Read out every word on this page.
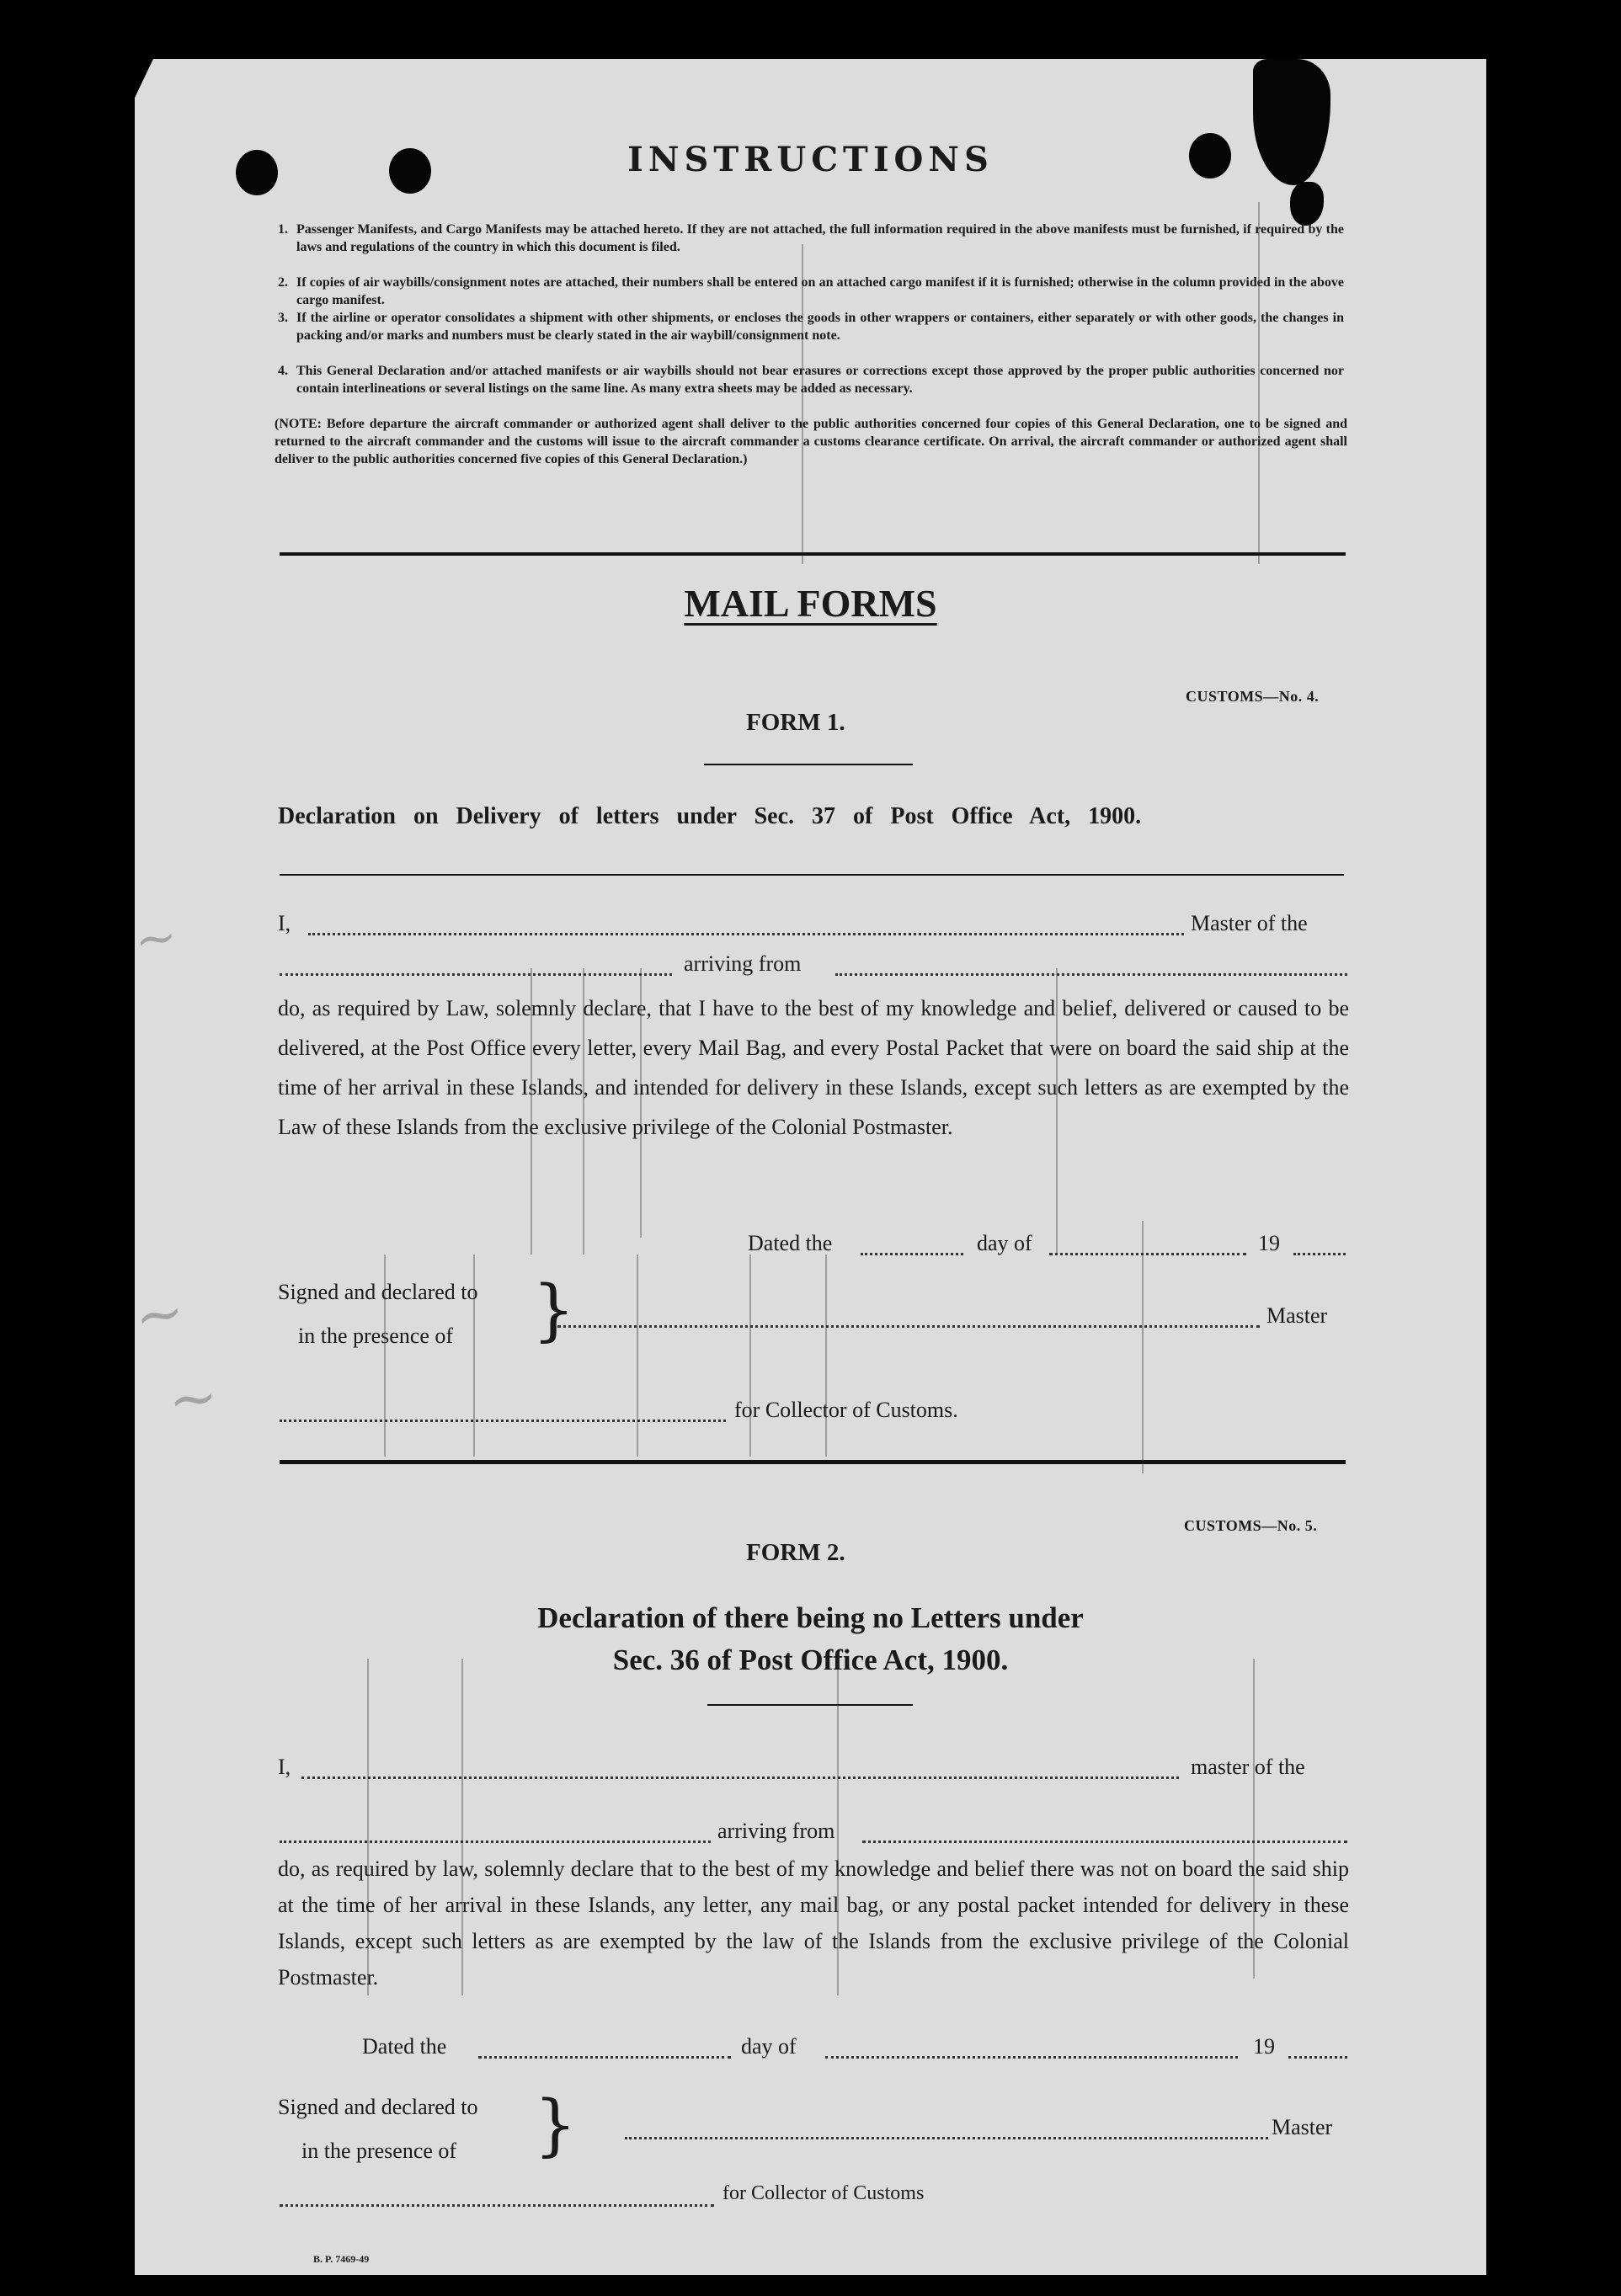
INSTRUCTIONS
1. Passenger Manifests, and Cargo Manifests may be attached hereto. If they are not attached, the full information required in the above manifests must be furnished, if required by the laws and regulations of the country in which this document is filed.
2. If copies of air waybills/consignment notes are attached, their numbers shall be entered on an attached cargo manifest if it is furnished; otherwise in the column provided in the above cargo manifest.
3. If the airline or operator consolidates a shipment with other shipments, or encloses the goods in other wrappers or containers, either separately or with other goods, the changes in packing and/or marks and numbers must be clearly stated in the air waybill/consignment note.
4. This General Declaration and/or attached manifests or air waybills should not bear erasures or corrections except those approved by the proper public authorities concerned nor contain interlineations or several listings on the same line. As many extra sheets may be added as necessary.
(NOTE: Before departure the aircraft commander or authorized agent shall deliver to the public authorities concerned four copies of this General Declaration, one to be signed and returned to the aircraft commander and the customs will issue to the aircraft commander a customs clearance certificate. On arrival, the aircraft commander or authorized agent shall deliver to the public authorities concerned five copies of this General Declaration.)
MAIL FORMS
CUSTOMS—No. 4.
FORM 1.
Declaration on Delivery of letters under Sec. 37 of Post Office Act, 1900.
I,	Master of the
arriving from
do, as required by Law, solemnly declare, that I have to the best of my knowledge and belief, delivered or caused to be delivered, at the Post Office every letter, every Mail Bag, and every Postal Packet that were on board the said ship at the time of her arrival in these Islands, and intended for delivery in these Islands, except such letters as are exempted by the Law of these Islands from the exclusive privilege of the Colonial Postmaster.
Dated the	day of	19
Signed and declared to
in the presence of }	Master
for Collector of Customs.
CUSTOMS—No. 5.
FORM 2.
Declaration of there being no Letters under
Sec. 36 of Post Office Act, 1900.
I,	master of the
arriving from
do, as required by law, solemnly declare that to the best of my knowledge and belief there was not on board the said ship at the time of her arrival in these Islands, any letter, any mail bag, or any postal packet intended for delivery in these Islands, except such letters as are exempted by the law of the Islands from the exclusive privilege of the Colonial Postmaster.
Dated the	day of	19
Signed and declared to
in the presence of }	Master
for Collector of Customs
B. P. 7469-49
~
~
~
